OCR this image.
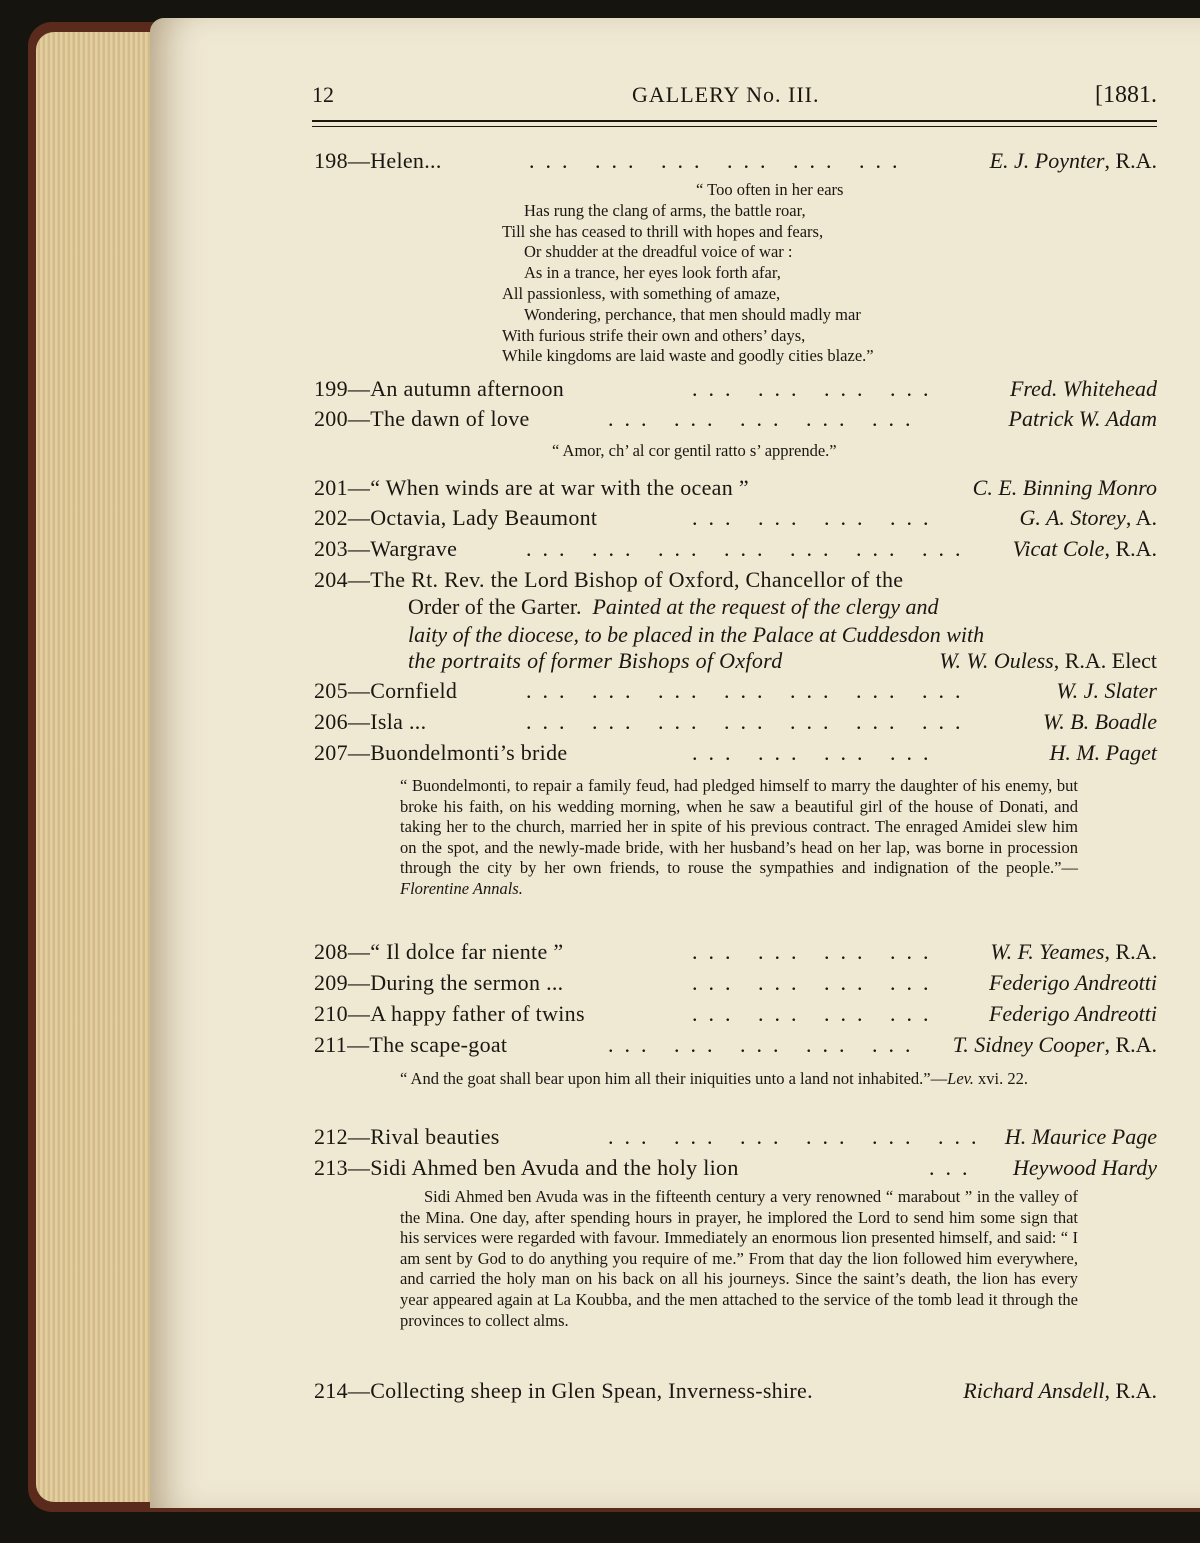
12	GALLERY No. III.	[1881.
198—Helen...	... ... ... ... ... ...	E. J. Poynter, R.A.
“ Too often in her ears
Has rung the clang of arms, the battle roar,
Till she has ceased to thrill with hopes and fears,
Or shudder at the dreadful voice of war :
As in a trance, her eyes look forth afar,
All passionless, with something of amaze,
Wondering, perchance, that men should madly mar
With furious strife their own and others’ days,
While kingdoms are laid waste and goodly cities blaze.”
199—An autumn afternoon	... ... ... ...	Fred. Whitehead
200—The dawn of love	... ... ... ... ...	Patrick W. Adam
“ Amor, ch’ al cor gentil ratto s’ apprende.”
201—“ When winds are at war with the ocean ”	C. E. Binning Monro
202—Octavia, Lady Beaumont	... ... ... ...	G. A. Storey, A.
203—Wargrave	... ... ... ... ... ... ... Vicat Cole, R.A.
204—The Rt. Rev. the Lord Bishop of Oxford, Chancellor of the
Order of the Garter. Painted at the request of the clergy and
laity of the diocese, to be placed in the Palace at Cuddesdon with
the portraits of former Bishops of Oxford	W. W. Ouless, R.A. Elect
205—Cornfield	... ... ... ... ... ... ...	W. J. Slater
206—Isla ...	... ... ... ... ... ... ...	W. B. Boadle
207—Buondelmonti’s bride	... ... ... ...	H. M. Paget
“ Buondelmonti, to repair a family feud, had pledged himself to marry the daughter of his enemy, but broke his faith, on his wedding morning, when he saw a beautiful girl of the house of Donati, and taking her to the church, married her in spite of his previous contract. The enraged Amidei slew him on the spot, and the newly-made bride, with her husband’s head on her lap, was borne in procession through the city by her own friends, to rouse the sympathies and indignation of the people.”—Florentine Annals.
208—“ Il dolce far niente ”	... ... ... ... W. F. Yeames, R.A.
209—During the sermon ...	... ... ... ... Federigo Andreotti
210—A happy father of twins	... ... ... ... Federigo Andreotti
211—The scape-goat	... ... ... ... ... T. Sidney Cooper, R.A.
“ And the goat shall bear upon him all their iniquities unto a land not inhabited.”—Lev. xvi. 22.
212—Rival beauties	... ... ... ... ... ... H. Maurice Page
213—Sidi Ahmed ben Avuda and the holy lion	... Heywood Hardy
Sidi Ahmed ben Avuda was in the fifteenth century a very renowned “ marabout ” in the valley of the Mina. One day, after spending hours in prayer, he implored the Lord to send him some sign that his services were regarded with favour. Immediately an enormous lion presented himself, and said: “ I am sent by God to do anything you require of me.” From that day the lion followed him everywhere, and carried the holy man on his back on all his journeys. Since the saint’s death, the lion has every year appeared again at La Koubba, and the men attached to the service of the tomb lead it through the provinces to collect alms.
214—Collecting sheep in Glen Spean, Inverness-shire.	Richard Ansdell, R.A.
